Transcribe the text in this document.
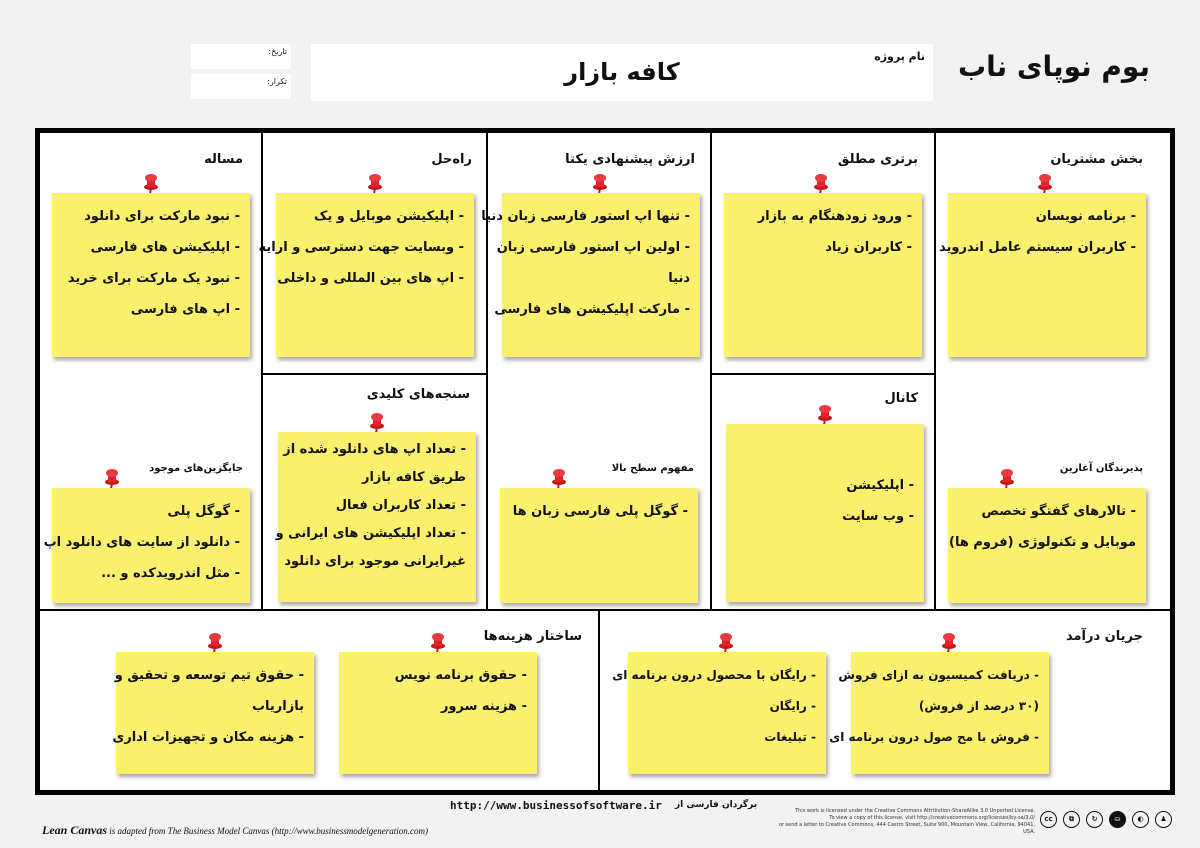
بوم نوپای ناب
نام پروژه
کافه بازار
تاریخ:
تکرار:
مساله
- نبود مارکت برای دانلود
- اپلیکیشن های فارسی
- نبود یک مارکت برای خرید
- اپ های فارسی
جایگزین‌های موجود
- گوگل پلی
- دانلود از سایت های دانلود اپ
- مثل اندرویدکده و ...
راه‌حل
- اپلیکیشن موبایل و یک
- وبسایت جهت دسترسی و ارایه
- اپ های بین المللی و داخلی
سنجه‌های کلیدی
- تعداد اپ های دانلود شده از
طریق کافه بازار
- تعداد کاربران فعال
- تعداد اپلیکیشن های ایرانی و
غیرایرانی موجود برای دانلود
ارزش پیشنهادی یکتا
- تنها اپ استور فارسی زبان دنیا
- اولین اپ استور فارسی زبان
دنیا
- مارکت اپلیکیشن های فارسی
مفهوم سطح بالا
- گوگل پلی فارسی زبان ها
برتری مطلق
- ورود زودهنگام به بازار
- کاربران زیاد
کانال
- اپلیکیشن
- وب سایت
بخش مشتریان
- برنامه نویسان
- کاربران سیستم عامل اندروید
پذیرندگان آغازین
- تالارهای گفتگو تخصص
موبایل و تکنولوژی (فروم ها)
ساختار هزینه‌ها
- حقوق برنامه نویس
- هزینه سرور
- حقوق تیم توسعه و تحقیق و
بازاریاب
- هزینه مکان و تجهیزات اداری
جریان درآمد
- دریافت کمیسیون به ازای فروش
(۳۰ درصد از فروش)
- فروش با مح صول درون برنامه ای
- رایگان با محصول درون برنامه ای
- رایگان
- تبلیغات
http://www.businessofsoftware.ir برگردان فارسی از
Lean Canvas is adapted from The Business Model Canvas (http://www.businessmodelgeneration.com)
This work is licensed under the Creative Commons Attribution-ShareAlike 3.0 Unported License.
To view a copy of this license, visit http://creativecommons.org/licenses/by-sa/3.0/
or send a letter to Creative Commons, 444 Castro Street, Suite 900, Mountain View, California, 94041, USA.
cc ⧉	↻ ⛀ ◐ ♟
